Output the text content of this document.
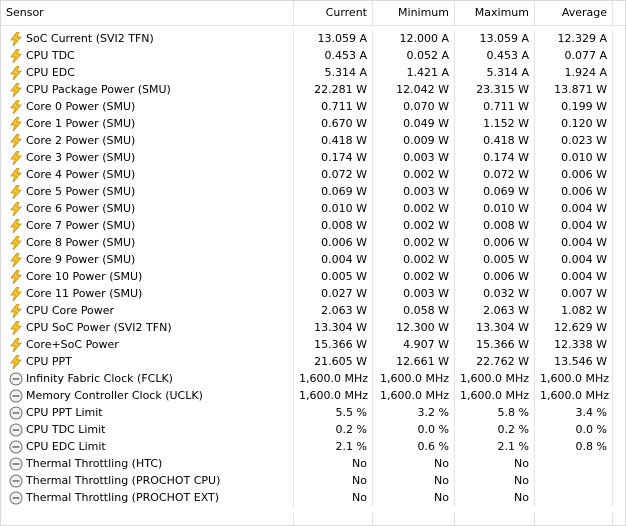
Sensor	Current	Minimum	Maximum	Average
SoC Current (SVI2 TFN)	13.059 A	12.000 A	13.059 A	12.329 A
CPU TDC	0.453 A	0.052 A	0.453 A	0.077 A
CPU EDC	5.314 A	1.421 A	5.314 A	1.924 A
CPU Package Power (SMU)	22.281 W	12.042 W	23.315 W	13.871 W
Core 0 Power (SMU)	0.711 W	0.070 W	0.711 W	0.199 W
Core 1 Power (SMU)	0.670 W	0.049 W	1.152 W	0.120 W
Core 2 Power (SMU)	0.418 W	0.009 W	0.418 W	0.023 W
Core 3 Power (SMU)	0.174 W	0.003 W	0.174 W	0.010 W
Core 4 Power (SMU)	0.072 W	0.002 W	0.072 W	0.006 W
Core 5 Power (SMU)	0.069 W	0.003 W	0.069 W	0.006 W
Core 6 Power (SMU)	0.010 W	0.002 W	0.010 W	0.004 W
Core 7 Power (SMU)	0.008 W	0.002 W	0.008 W	0.004 W
Core 8 Power (SMU)	0.006 W	0.002 W	0.006 W	0.004 W
Core 9 Power (SMU)	0.004 W	0.002 W	0.005 W	0.004 W
Core 10 Power (SMU)	0.005 W	0.002 W	0.006 W	0.004 W
Core 11 Power (SMU)	0.027 W	0.003 W	0.032 W	0.007 W
CPU Core Power	2.063 W	0.058 W	2.063 W	1.082 W
CPU SoC Power (SVI2 TFN)	13.304 W	12.300 W	13.304 W	12.629 W
Core+SoC Power	15.366 W	4.907 W	15.366 W	12.338 W
CPU PPT	21.605 W	12.661 W	22.762 W	13.546 W
Infinity Fabric Clock (FCLK)	1,600.0 MHz	1,600.0 MHz	1,600.0 MHz 1,600.0 MHz
Memory Controller Clock (UCLK)	1,600.0 MHz	1,600.0 MHz	1,600.0 MHz 1,600.0 MHz
CPU PPT Limit	5.5 %	3.2 %	5.8 %	3.4 %
CPU TDC Limit	0.2 %	0.0 %	0.2 %	0.0 %
CPU EDC Limit	2.1 %	0.6 %	2.1 %	0.8 %
Thermal Throttling (HTC)	No	No	No
Thermal Throttling (PROCHOT CPU)	No	No	No
Thermal Throttling (PROCHOT EXT)	No	No	No
